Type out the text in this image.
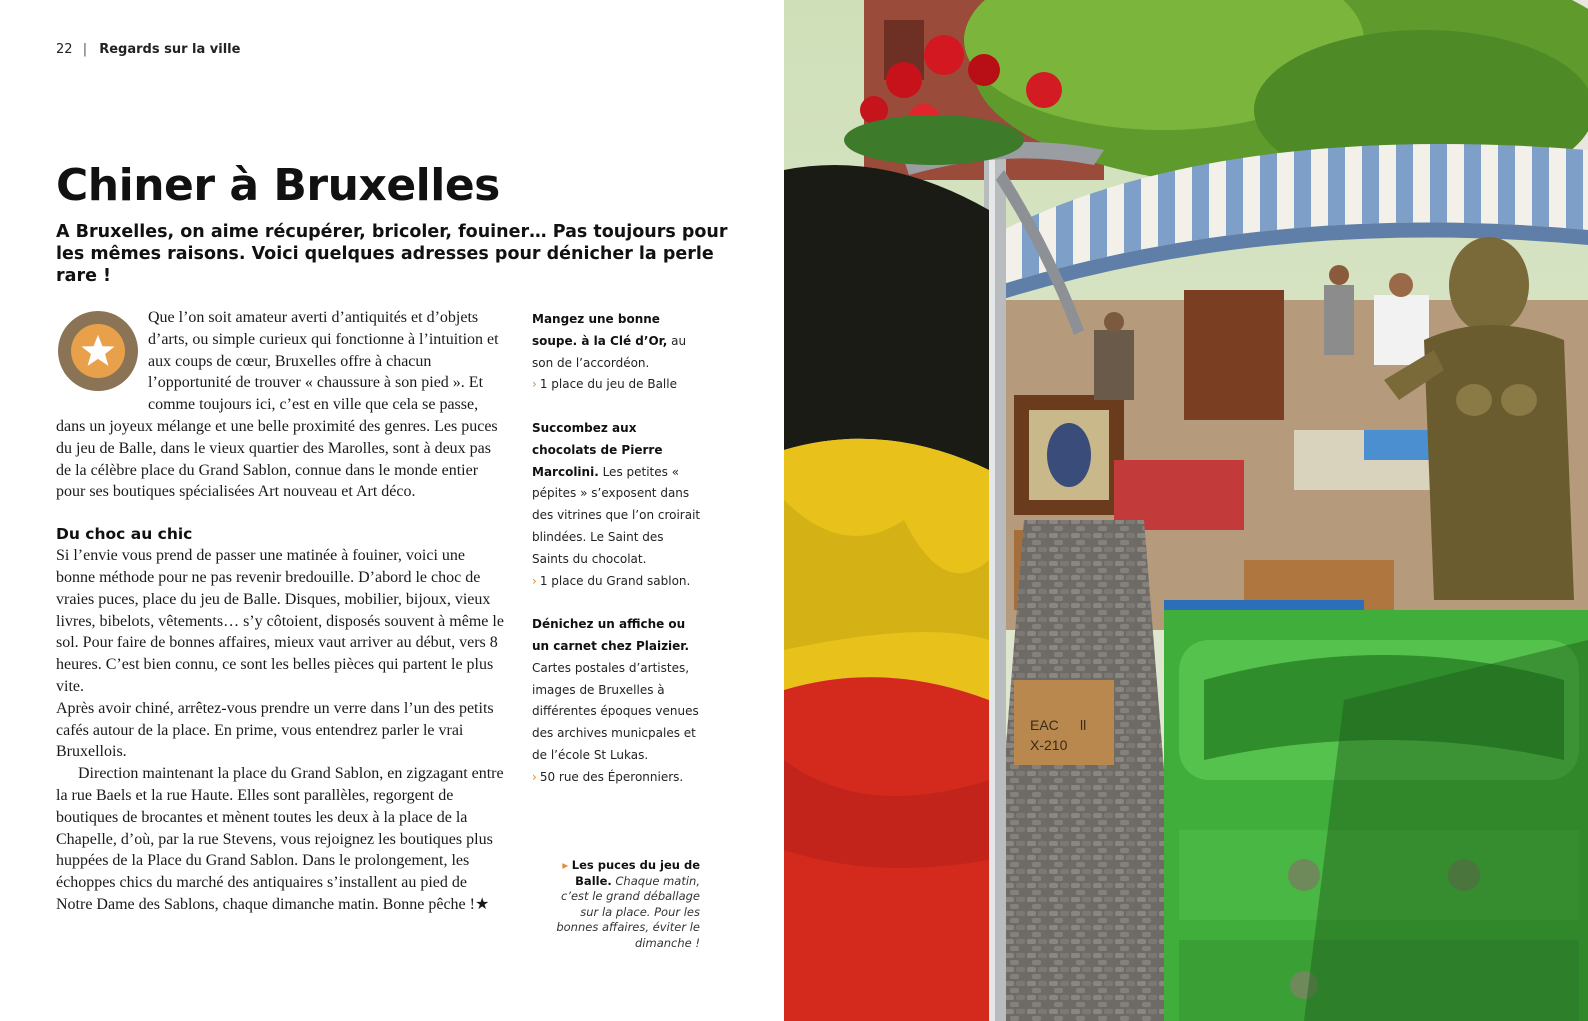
22 | Regards sur la ville
Chiner à Bruxelles

A Bruxelles, on aime récupérer, bricoler, fouiner… Pas toujours pour les mêmes raisons. Voici quelques adresses pour dénicher la perle rare !

Que l’on soit amateur averti d’antiquités et d’objets d’arts, ou simple curieux qui fonctionne à l’intuition et aux coups de cœur, Bruxelles offre à chacun l’opportunité de trouver « chaussure à son pied ». Et comme toujours ici, c’est en ville que cela se passe, dans un joyeux mélange et une belle proximité des genres. Les puces du jeu de Balle, dans le vieux quartier des Marolles, sont à deux pas de la célèbre place du Grand Sablon, connue dans le monde entier pour ses boutiques spécialisées Art nouveau et Art déco.

Du choc au chic

Si l’envie vous prend de passer une matinée à fouiner, voici une bonne méthode pour ne pas revenir bredouille. D’abord le choc de vraies puces, place du jeu de Balle. Disques, mobilier, bijoux, vieux livres, bibelots, vêtements… s’y côtoient, disposés souvent à même le sol. Pour faire de bonnes affaires, mieux vaut arriver au début, vers 8 heures. C’est bien connu, ce sont les belles pièces qui partent le plus vite.

Après avoir chiné, arrêtez-vous prendre un verre dans l’un des petits cafés autour de la place. En prime, vous entendrez parler le vrai Bruxellois.

Direction maintenant la place du Grand Sablon, en zigzagant entre la rue Baels et la rue Haute. Elles sont parallèles, regorgent de boutiques de brocantes et mènent toutes les deux à la place de la Chapelle, d’où, par la rue Stevens, vous rejoignez les boutiques plus huppées de la Place du Grand Sablon. Dans le prolongement, les échoppes chics du marché des antiquaires s’installent au pied de Notre Dame des Sablons, chaque dimanche matin. Bonne pêche !★

Mangez une bonne soupe. à la Clé d’Or, au son de l’accordéon.
› 1 place du jeu de Balle
Succombez aux chocolats de Pierre Marcolini. Les petites « pépites » s’exposent dans des vitrines que l’on croirait blindées. Le Saint des Saints du chocolat.
› 1 place du Grand sablon.
Dénichez un affiche ou un carnet chez Plaizier. Cartes postales d’artistes, images de Bruxelles à différentes époques venues des archives municpales et de l’école St Lukas.
› 50 rue des Éperonniers.
▸ Les puces du jeu de Balle. Chaque matin, c’est le grand déballage sur la place. Pour les bonnes affaires, éviter le dimanche !
EAC
X-210
ll
